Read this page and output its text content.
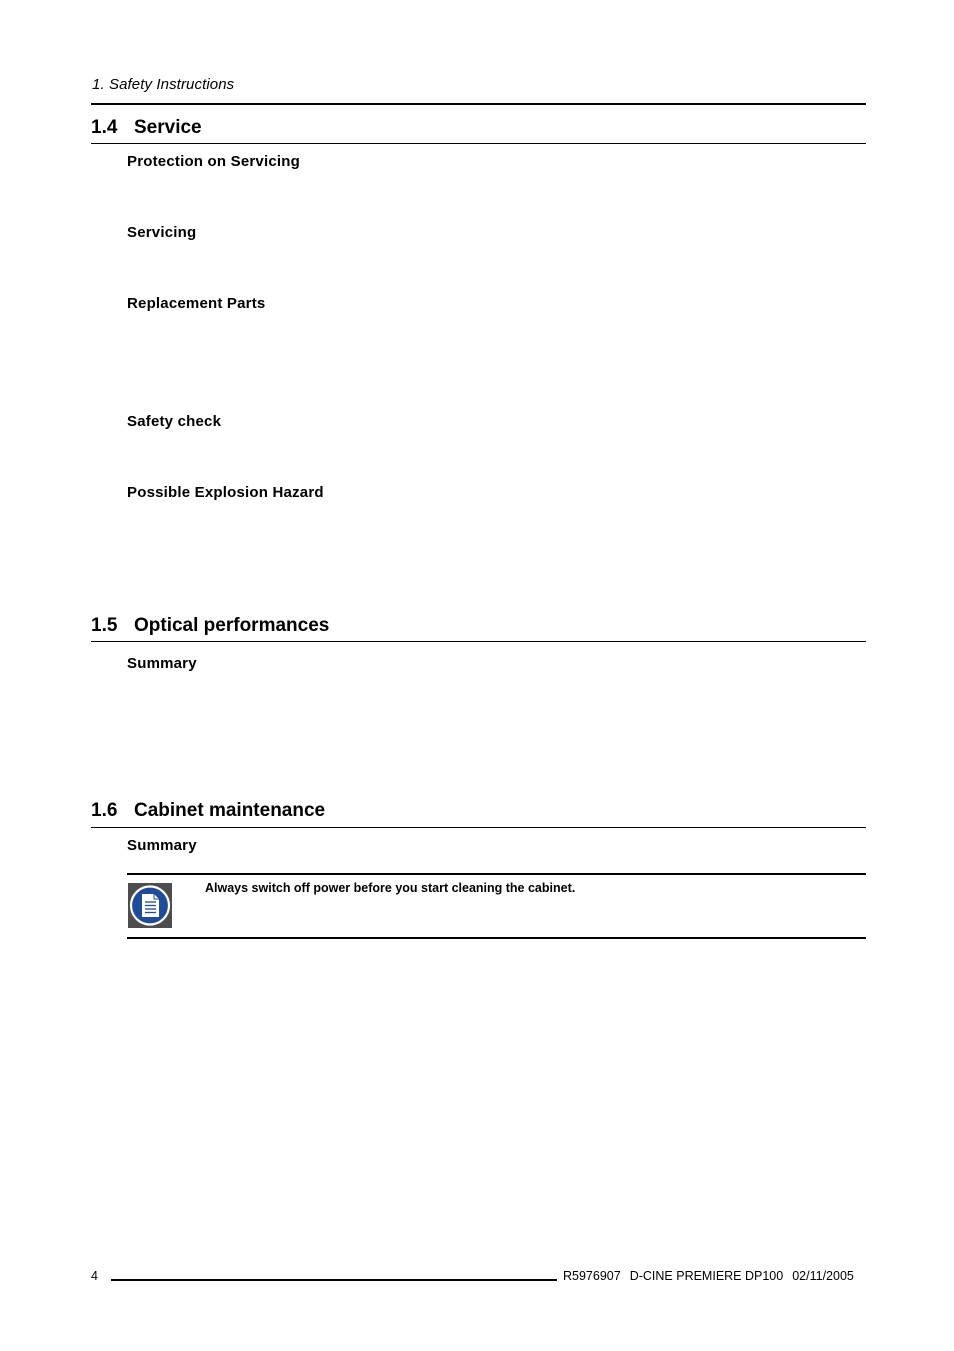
1. Safety Instructions
1.4 Service
Protection on Servicing
Servicing
Replacement Parts
Safety check
Possible Explosion Hazard
1.5 Optical performances
Summary
1.6 Cabinet maintenance
Summary
Always switch off power before you start cleaning the cabinet.
4	R5976907 D-CINE PREMIERE DP100 02/11/2005
